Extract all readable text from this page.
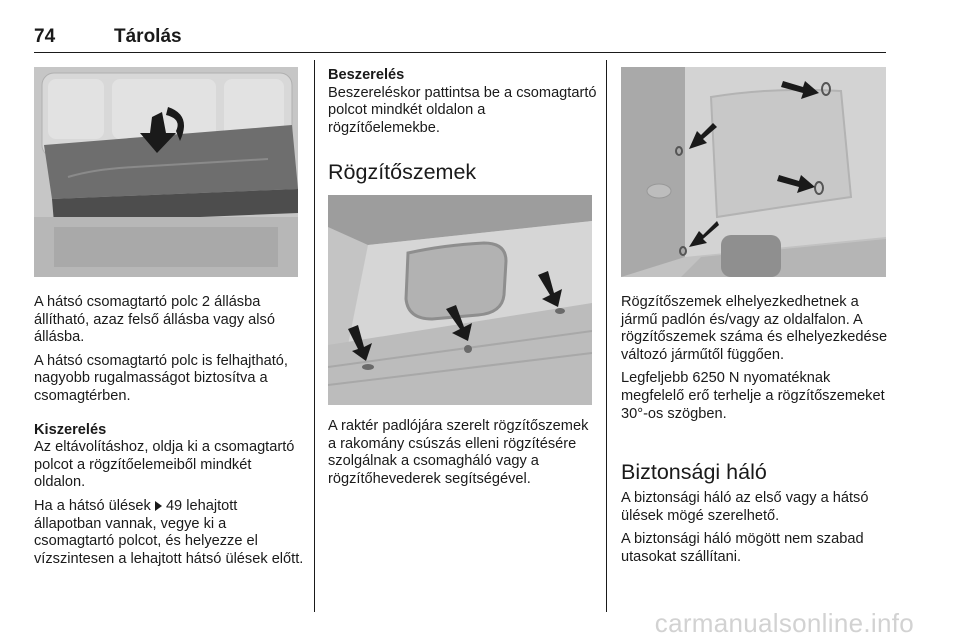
74	Tárolás

A hátsó csomagtartó polc 2 állásba állítható, azaz felső állásba vagy alsó állásba.

A hátsó csomagtartó polc is felhajtható, nagyobb rugalmasságot biztosítva a csomagtérben.

Kiszerelés

Az eltávolításhoz, oldja ki a csomagtartó polcot a rögzítőelemeiből mindkét oldalon.

Ha a hátsó ülések  49 lehajtott állapotban vannak, vegye ki a csomagtartó polcot, és helyezze el vízszintesen a lehajtott hátsó ülések előtt.

Beszerelés

Beszereléskor pattintsa be a csomagtartó polcot mindkét oldalon a rögzítőelemekbe.

Rögzítőszemek

A raktér padlójára szerelt rögzítőszemek a rakomány csúszás elleni rögzítésére szolgálnak a csomagháló vagy a rögzítőhevederek segítségével.

Rögzítőszemek elhelyezkedhetnek a jármű padlón és/vagy az oldalfalon. A rögzítőszemek száma és elhelyezkedése változó járműtől függően.

Legfeljebb 6250 N nyomatéknak megfelelő erő terhelje a rögzítőszemeket 30°-os szögben.

Biztonsági háló

A biztonsági háló az első vagy a hátsó ülések mögé szerelhető.

A biztonsági háló mögött nem szabad utasokat szállítani.

carmanualsonline.info
